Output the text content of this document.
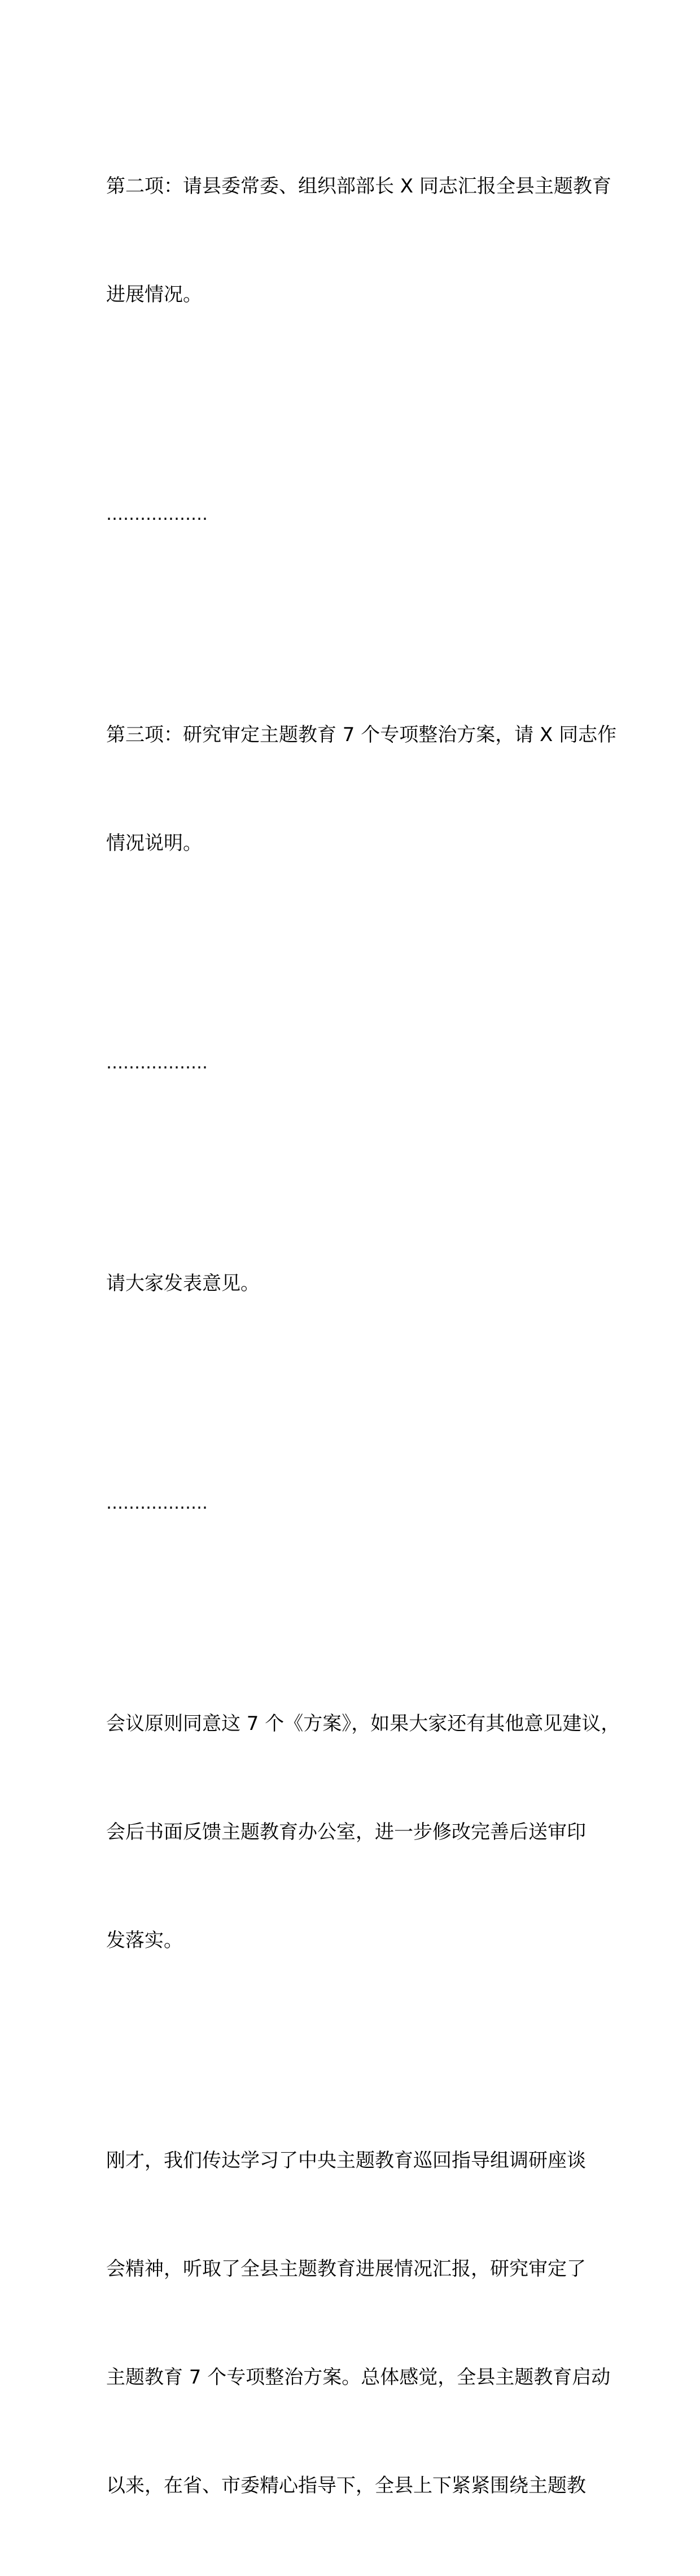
第二项：请县委常委、组织部部长 X 同志汇报全县主题教育

进展情况。

………………

第三项：研究审定主题教育 7 个专项整治方案，请 X 同志作

情况说明。

………………

请大家发表意见。

………………

会议原则同意这 7 个《方案》，如果大家还有其他意见建议，

会后书面反馈主题教育办公室，进一步修改完善后送审印

发落实。

刚才，我们传达学习了中央主题教育巡回指导组调研座谈

会精神，听取了全县主题教育进展情况汇报，研究审定了

主题教育 7 个专项整治方案。总体感觉，全县主题教育启动

以来，在省、市委精心指导下，全县上下紧紧围绕主题教
